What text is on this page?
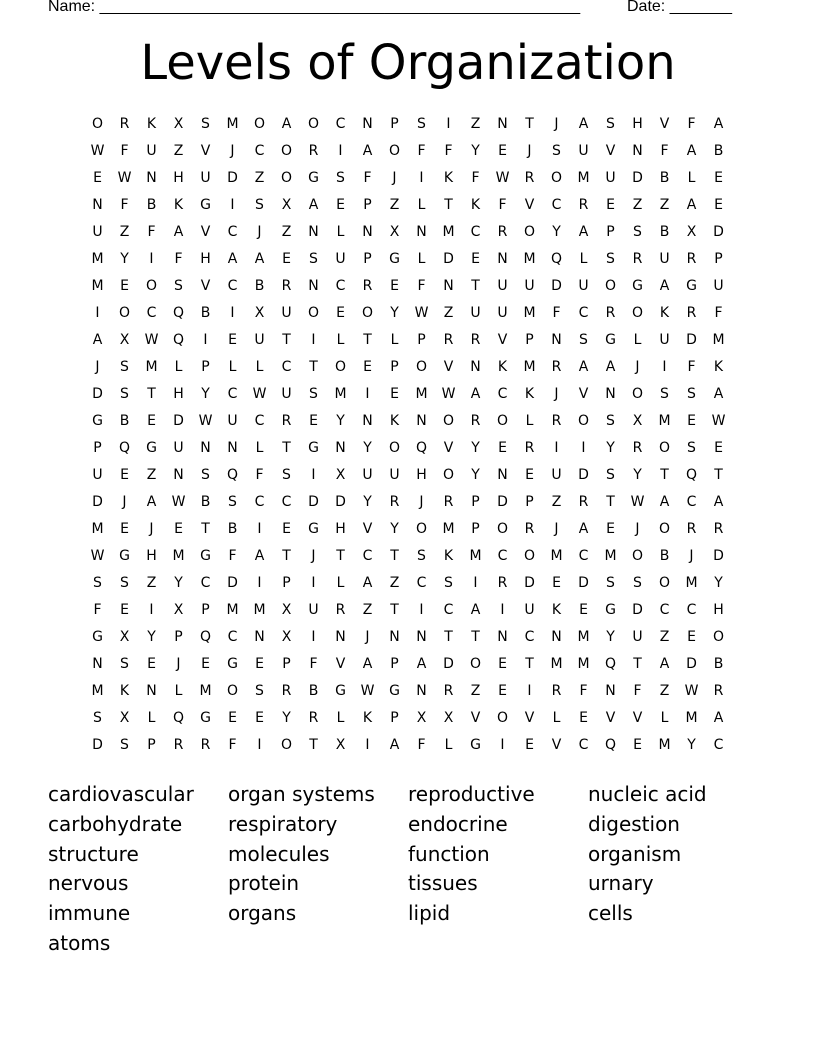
Name: ______________________________________________________	Date: _______
Levels of Organization
O	R	K	X	S	M	O	A	O	C	N	P	S	I	Z	N	T	J	A	S	H	V	F	A
W	F	U	Z	V	J	C	O	R	I	A	O	F	F	Y	E	J	S	U	V	N	F	A	B
E	W	N	H	U	D	Z	O	G	S	F	J	I	K	F	W	R	O	M	U	D	B	L	E
N	F	B	K	G	I	S	X	A	E	P	Z	L	T	K	F	V	C	R	E	Z	Z	A	E
U	Z	F	A	V	C	J	Z	N	L	N	X	N	M	C	R	O	Y	A	P	S	B	X	D
M	Y	I	F	H	A	A	E	S	U	P	G	L	D	E	N	M	Q	L	S	R	U	R	P
M	E	O	S	V	C	B	R	N	C	R	E	F	N	T	U	U	D	U	O	G	A	G	U
I	O	C	Q	B	I	X	U	O	E	O	Y	W	Z	U	U	M	F	C	R	O	K	R	F
A	X	W	Q	I	E	U	T	I	L	T	L	P	R	R	V	P	N	S	G	L	U	D	M
J	S	M	L	P	L	L	C	T	O	E	P	O	V	N	K	M	R	A	A	J	I	F	K
D	S	T	H	Y	C	W	U	S	M	I	E	M	W	A	C	K	J	V	N	O	S	S	A
G	B	E	D	W	U	C	R	E	Y	N	K	N	O	R	O	L	R	O	S	X	M	E	W
P	Q	G	U	N	N	L	T	G	N	Y	O	Q	V	Y	E	R	I	I	Y	R	O	S	E
U	E	Z	N	S	Q	F	S	I	X	U	U	H	O	Y	N	E	U	D	S	Y	T	Q	T
D	J	A	W	B	S	C	C	D	D	Y	R	J	R	P	D	P	Z	R	T	W	A	C	A
M	E	J	E	T	B	I	E	G	H	V	Y	O	M	P	O	R	J	A	E	J	O	R	R
W	G	H	M	G	F	A	T	J	T	C	T	S	K	M	C	O	M	C	M	O	B	J	D
S	S	Z	Y	C	D	I	P	I	L	A	Z	C	S	I	R	D	E	D	S	S	O	M	Y
F	E	I	X	P	M	M	X	U	R	Z	T	I	C	A	I	U	K	E	G	D	C	C	H
G	X	Y	P	Q	C	N	X	I	N	J	N	N	T	T	N	C	N	M	Y	U	Z	E	O
N	S	E	J	E	G	E	P	F	V	A	P	A	D	O	E	T	M	M	Q	T	A	D	B
M	K	N	L	M	O	S	R	B	G	W	G	N	R	Z	E	I	R	F	N	F	Z	W	R
S	X	L	Q	G	E	E	Y	R	L	K	P	X	X	V	O	V	L	E	V	V	L	M	A
D	S	P	R	R	F	I	O	T	X	I	A	F	L	G	I	E	V	C	Q	E	M	Y	C
cardiovascular	organ systems	reproductive	nucleic acid
carbohydrate	respiratory	endocrine	digestion
structure	molecules	function	organism
nervous	protein	tissues	urnary
immune	organs	lipid	cells
atoms
